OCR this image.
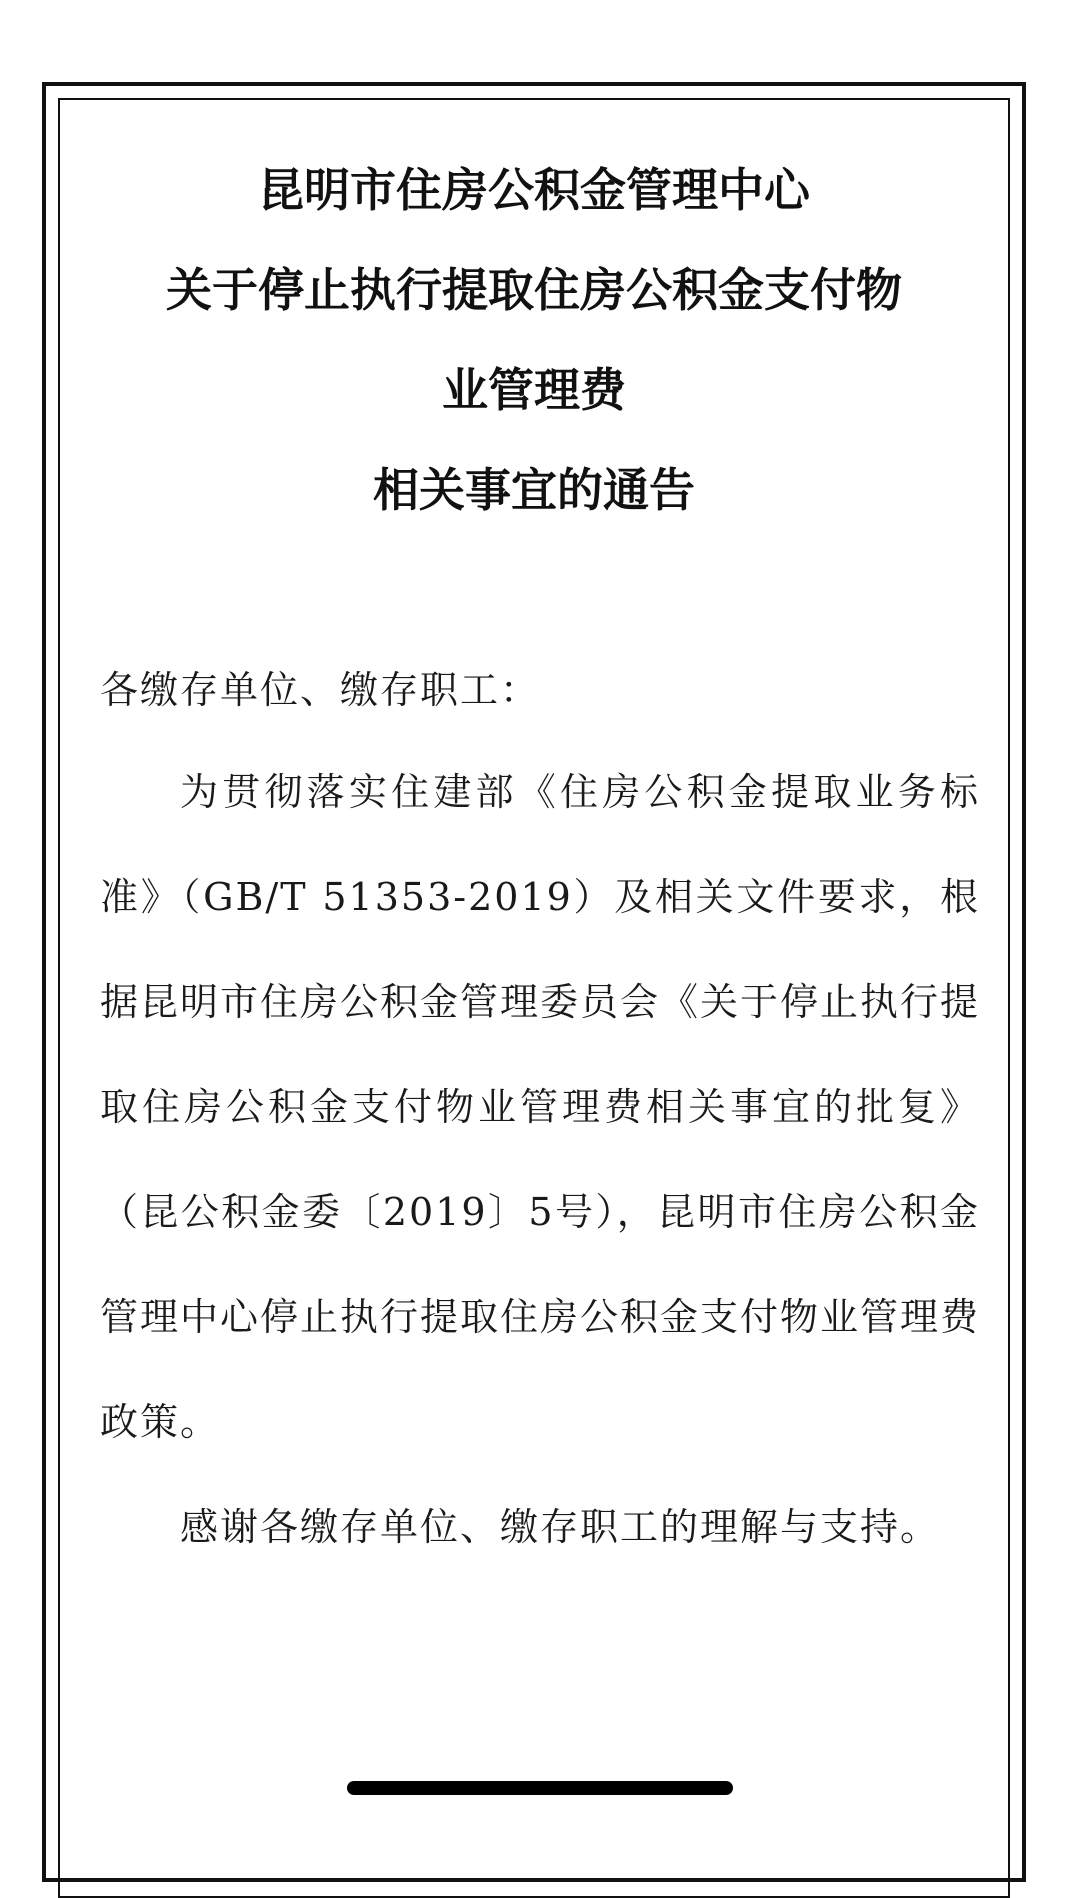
昆明市住房公积金管理中心
关于停止执行提取住房公积金支付物
业管理费
相关事宜的通告
各缴存单位、缴存职工：

为贯彻落实住建部《住房公积金提取业务标准》（GB/T 51353-2019）及相关文件要求，根据昆明市住房公积金管理委员会《关于停止执行提取住房公积金支付物业管理费相关事宜的批复》（昆公积金委〔2019〕5号），昆明市住房公积金管理中心停止执行提取住房公积金支付物业管理费政策。

感谢各缴存单位、缴存职工的理解与支持。
